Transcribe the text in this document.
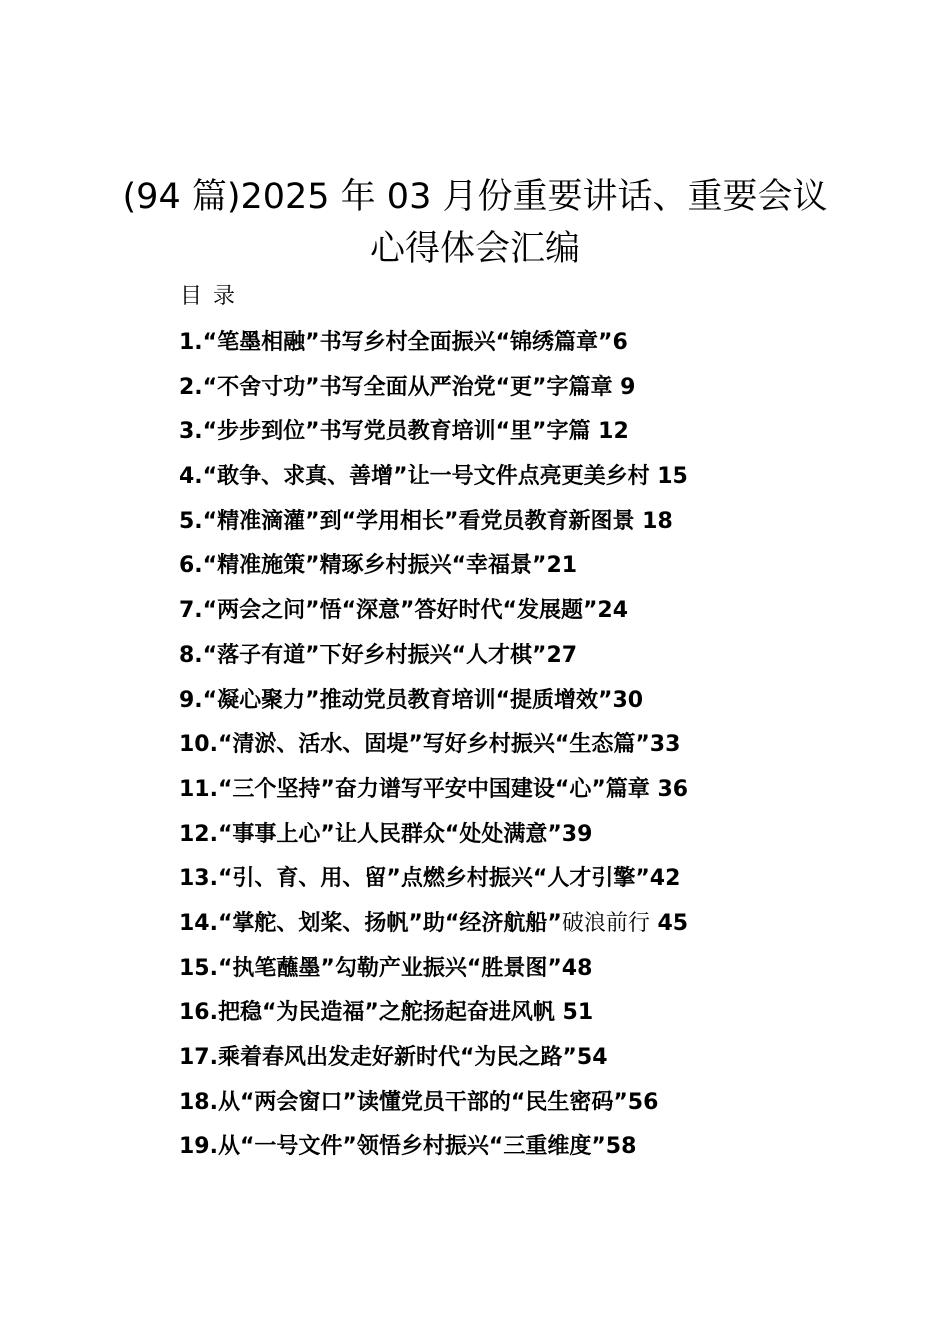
(94 篇)2025 年 03 月份重要讲话、重要会议
心得体会汇编
目 录
1.“笔墨相融”书写乡村全面振兴“锦绣篇章”6
2.“不舍寸功”书写全面从严治党“更”字篇章 9
3.“步步到位”书写党员教育培训“里”字篇 12
4.“敢争、求真、善增”让一号文件点亮更美乡村 15
5.“精准滴灌”到“学用相长”看党员教育新图景 18
6.“精准施策”精琢乡村振兴“幸福景”21
7.“两会之问”悟“深意”答好时代“发展题”24
8.“落子有道”下好乡村振兴“人才棋”27
9.“凝心聚力”推动党员教育培训“提质增效”30
10.“清淤、活水、固堤”写好乡村振兴“生态篇”33
11.“三个坚持”奋力谱写平安中国建设“心”篇章 36
12.“事事上心”让人民群众“处处满意”39
13.“引、育、用、留”点燃乡村振兴“人才引擎”42
14.“掌舵、划桨、扬帆”助“经济航船”破浪前行 45
15.“执笔蘸墨”勾勒产业振兴“胜景图”48
16.把稳“为民造福”之舵扬起奋进风帆 51
17.乘着春风出发走好新时代“为民之路”54
18.从“两会窗口”读懂党员干部的“民生密码”56
19.从“一号文件”领悟乡村振兴“三重维度”58
